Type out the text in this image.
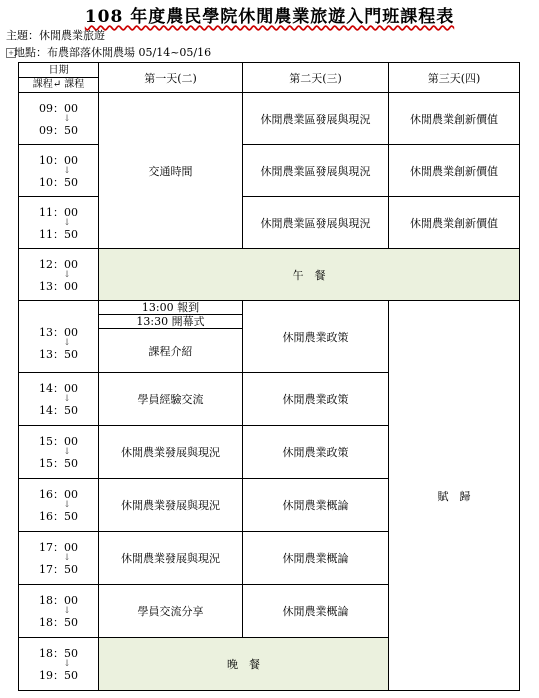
108 年度農民學院休閒農業旅遊入門班課程表
主題：休閒農業旅遊
+ 地點：布農部落休閒農場 05/14~05/16
日期
課程↵ 課程	第一天(二)	第二天(三)	第三天(四)

09：00
↓
09：50	交通時間	休閒農業區發展與現況	休閒農業創新價值

10：00
↓
10：50		休閒農業區發展與現況	休閒農業創新價值

11：00
↓
11：50		休閒農業區發展與現況	休閒農業創新價值

12：00
↓
13：00	午　餐		

13：00
↓
13：50	13:00 報到	休閒農業政策	賦　歸
	13:30 開幕式		
	課程介紹		

14：00
↓
14：50	學員經驗交流	休閒農業政策	

15：00
↓
15：50	休閒農業發展與現況	休閒農業政策	

16：00
↓
16：50	休閒農業發展與現況	休閒農業概論	

17：00
↓
17：50	休閒農業發展與現況	休閒農業概論	

18：00
↓
18：50	學員交流分享	休閒農業概論	

18：50
↓
19：50	晚　餐		
